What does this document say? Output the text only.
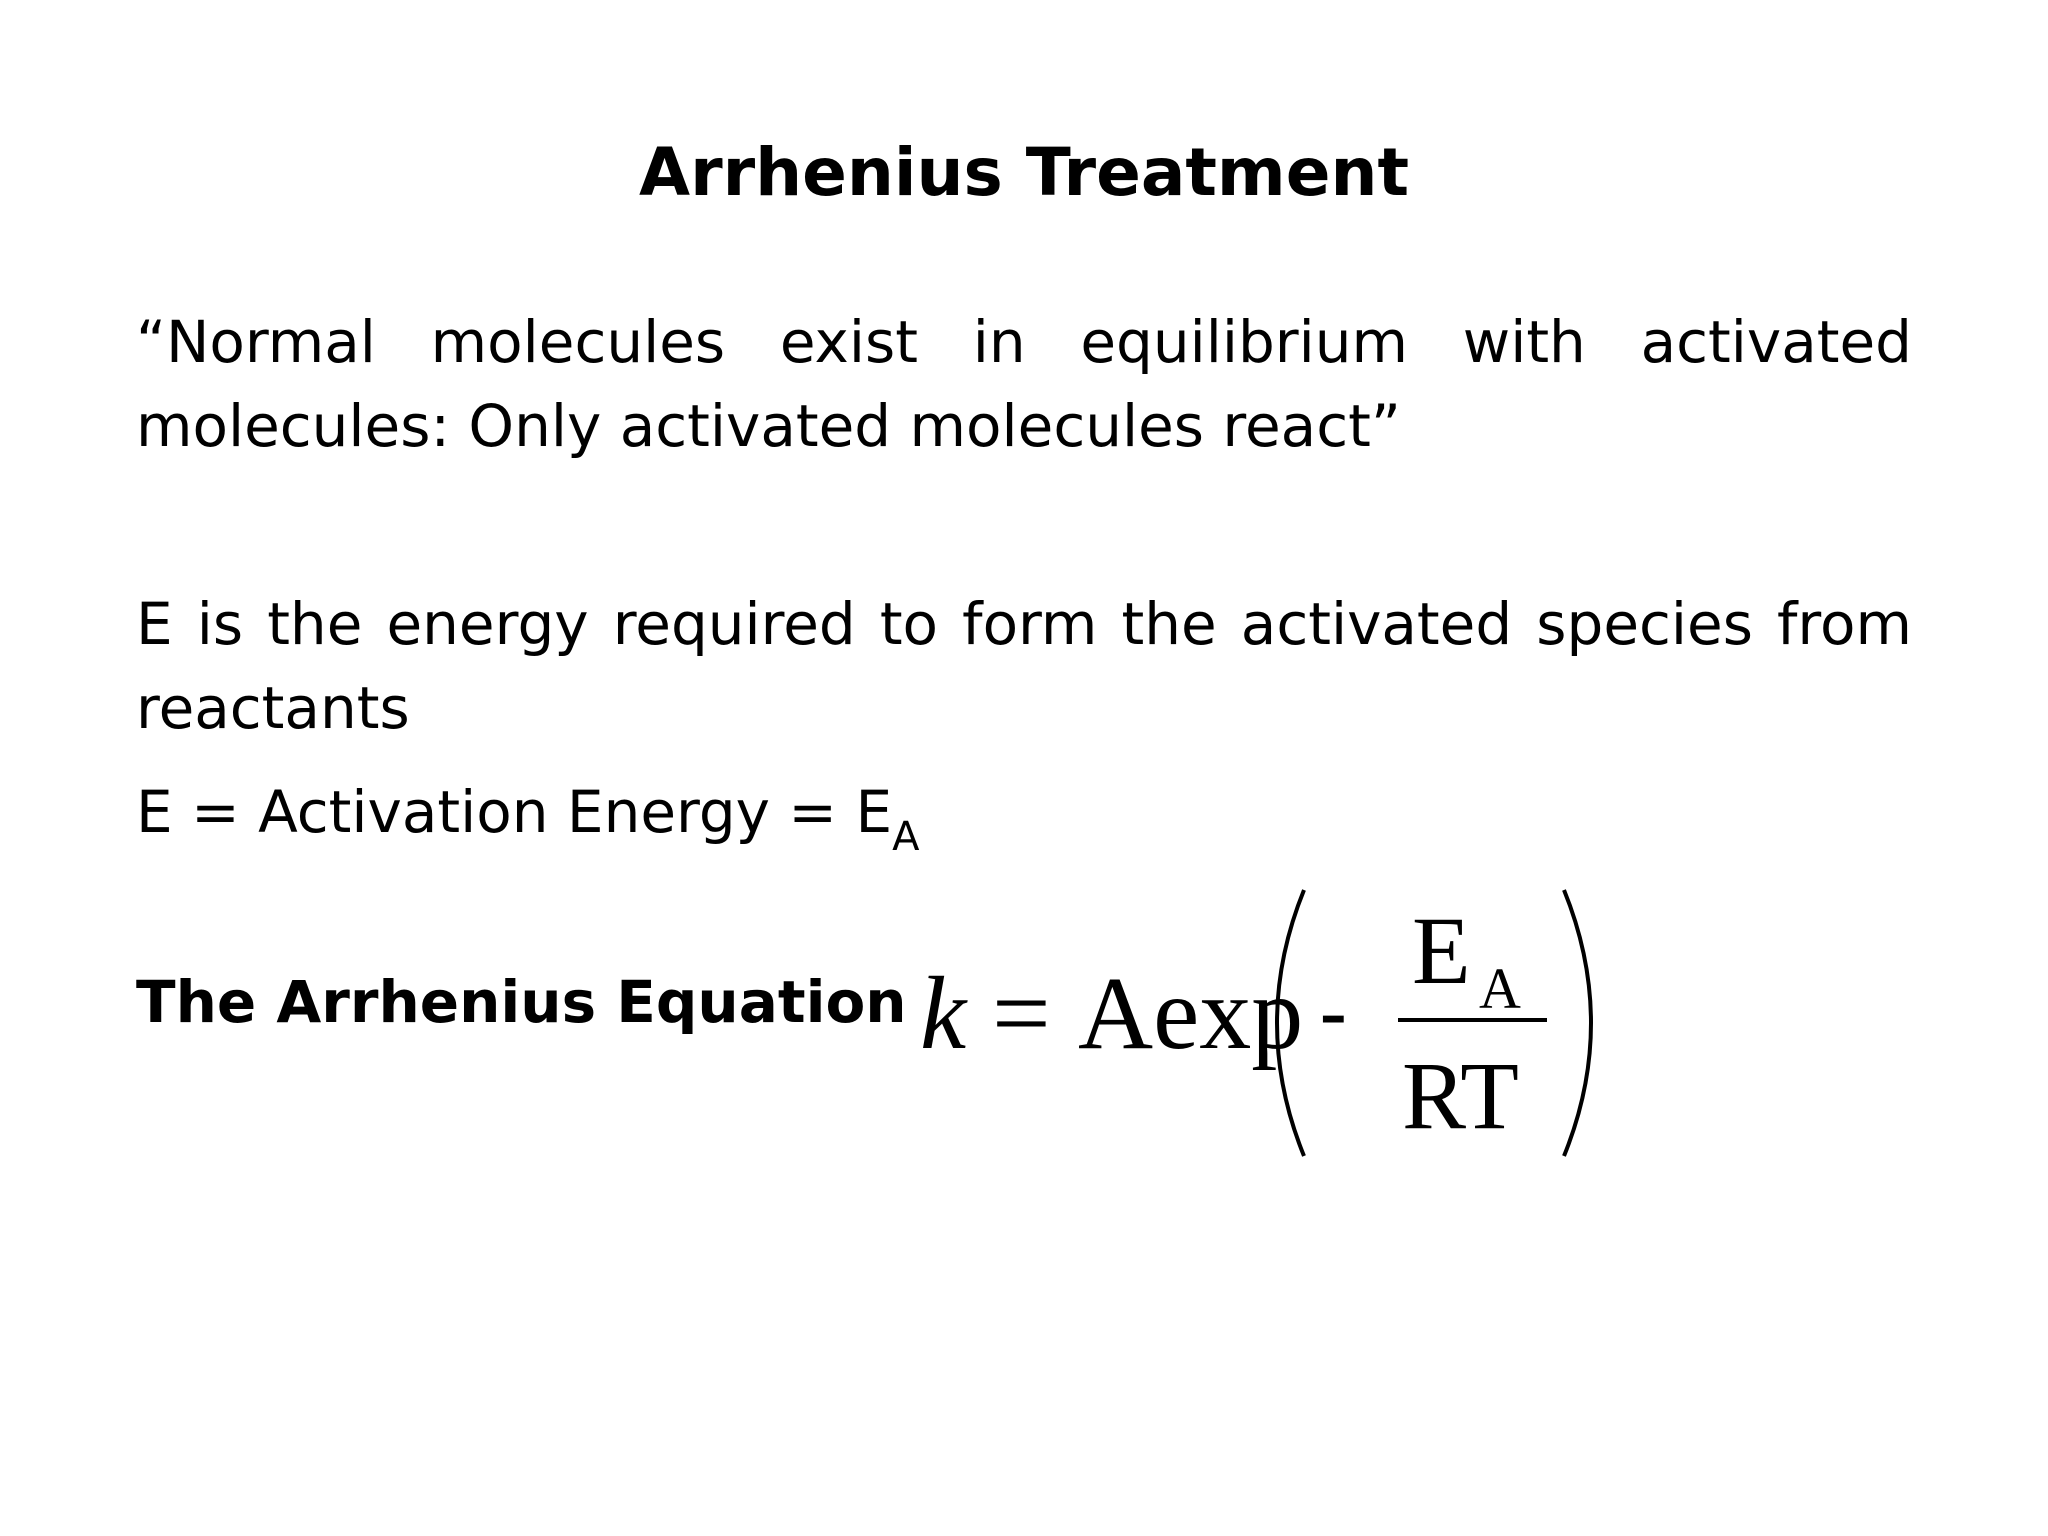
Arrhenius Treatment

“Normal molecules exist in equilibrium with activated molecules: Only activated molecules react”

E is the energy required to form the activated species from reactants

E = Activation Energy = $E_A$

The Arrhenius Equation k = Aexp -
E A
RT
